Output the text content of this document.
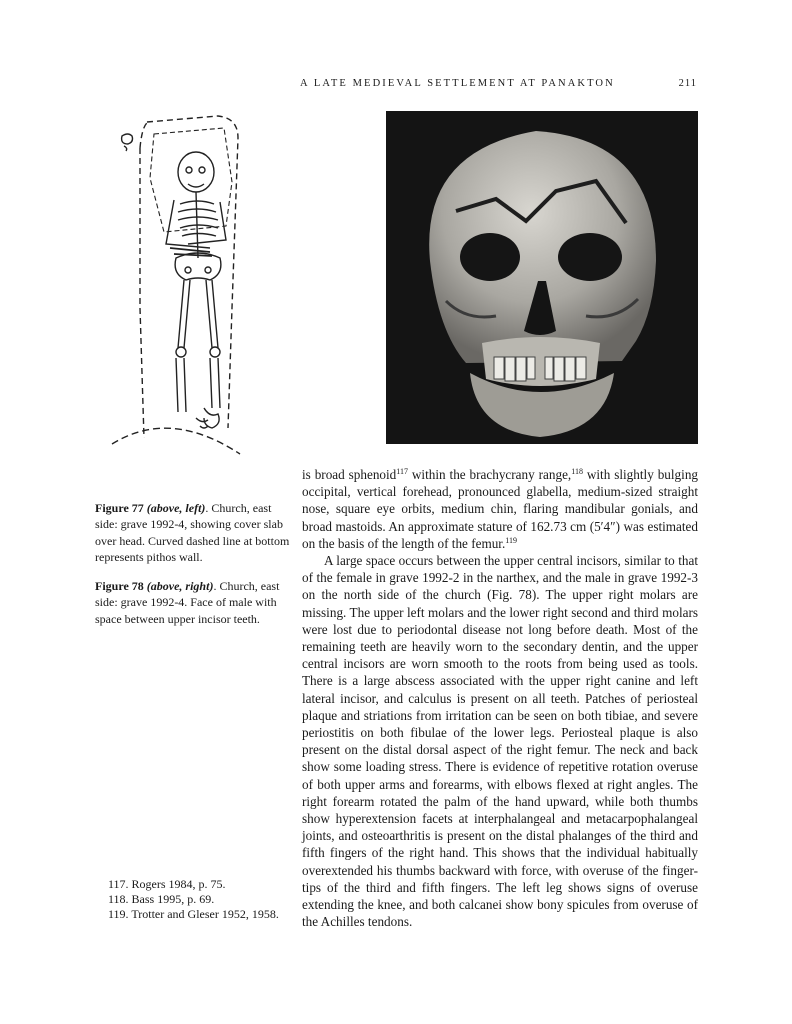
A LATE MEDIEVAL SETTLEMENT AT PANAKTON	211

Figure 77 (above, left). Church, east side: grave 1992-4, showing cover slab over head. Curved dashed line at bottom represents pithos wall.

Figure 78 (above, right). Church, east side: grave 1992-4. Face of male with space between upper incisor teeth.

is broad sphenoid$^{117}$ within the brachycrany range,$^{118}$ with slightly bulging occipital, vertical forehead, pronounced glabella, medium-sized straight nose, square eye orbits, medium chin, flaring mandibular gonials, and broad mastoids. An approximate stature of 162.73 cm (5′4″) was estimated on the basis of the length of the femur.$^{119}$

A large space occurs between the upper central incisors, similar to that of the female in grave 1992-2 in the narthex, and the male in grave 1992-3 on the north side of the church (Fig. 78). The upper right molars are missing. The upper left molars and the lower right second and third molars were lost due to periodontal disease not long before death. Most of the remaining teeth are heavily worn to the secondary dentin, and the upper central incisors are worn smooth to the roots from being used as tools. There is a large abscess associated with the upper right canine and left lateral incisor, and calculus is present on all teeth. Patches of periosteal plaque and striations from irritation can be seen on both tibiae, and severe periostitis on both fibulae of the lower legs. Periosteal plaque is also present on the distal dorsal aspect of the right femur. The neck and back show some loading stress. There is evidence of repetitive rotation overuse of both upper arms and forearms, with elbows flexed at right angles. The right forearm rotated the palm of the hand upward, while both thumbs show hyperextension facets at interphalangeal and metacarpophalangeal joints, and osteoarthritis is present on the distal phalanges of the third and fifth fingers of the right hand. This shows that the individual habitually overextended his thumbs backward with force, with overuse of the finger-tips of the third and fifth fingers. The left leg shows signs of overuse extending the knee, and both calcanei show bony spicules from overuse of the Achilles tendons.

117. Rogers 1984, p. 75.
118. Bass 1995, p. 69.
119. Trotter and Gleser 1952, 1958.
